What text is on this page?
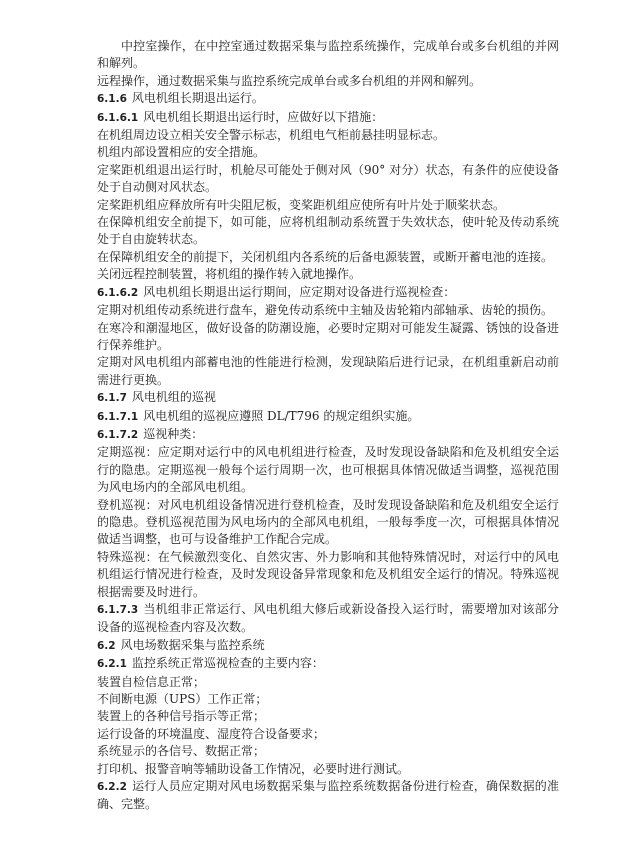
中控室操作，在中控室通过数据采集与监控系统操作，完成单台或多台机组的并网和解列。

远程操作，通过数据采集与监控系统完成单台或多台机组的并网和解列。

6.1.6 风电机组长期退出运行。

6.1.6.1 风电机组长期退出运行时，应做好以下措施：

在机组周边设立相关安全警示标志，机组电气柜前悬挂明显标志。

机组内部设置相应的安全措施。

定桨距机组退出运行时，机舱尽可能处于侧对风（90° 对分）状态，有条件的应使设备处于自动侧对风状态。

定桨距机组应释放所有叶尖阻尼板，变桨距机组应使所有叶片处于顺桨状态。

在保障机组安全前提下，如可能，应将机组制动系统置于失效状态，使叶轮及传动系统处于自由旋转状态。

在保障机组安全的前提下，关闭机组内各系统的后备电源装置，或断开蓄电池的连接。

关闭远程控制装置，将机组的操作转入就地操作。

6.1.6.2 风电机组长期退出运行期间，应定期对设备进行巡视检查：

定期对机组传动系统进行盘车，避免传动系统中主轴及齿轮箱内部轴承、齿轮的损伤。

在寒冷和潮湿地区，做好设备的防潮设施，必要时定期对可能发生凝露、锈蚀的设备进行保养维护。

定期对风电机组内部蓄电池的性能进行检测，发现缺陷后进行记录，在机组重新启动前需进行更换。

6.1.7 风电机组的巡视

6.1.7.1 风电机组的巡视应遵照 DL/T796 的规定组织实施。

6.1.7.2 巡视种类：

定期巡视：应定期对运行中的风电机组进行检查，及时发现设备缺陷和危及机组安全运行的隐患。定期巡视一般每个运行周期一次，也可根据具体情况做适当调整，巡视范围为风电场内的全部风电机组。

登机巡视：对风电机组设备情况进行登机检查，及时发现设备缺陷和危及机组安全运行的隐患。登机巡视范围为风电场内的全部风电机组，一般每季度一次，可根据具体情况做适当调整，也可与设备维护工作配合完成。

特殊巡视：在气候激烈变化、自然灾害、外力影响和其他特殊情况时，对运行中的风电机组运行情况进行检查，及时发现设备异常现象和危及机组安全运行的情况。特殊巡视根据需要及时进行。

6.1.7.3 当机组非正常运行、风电机组大修后或新设备投入运行时，需要增加对该部分设备的巡视检查内容及次数。

6.2 风电场数据采集与监控系统

6.2.1 监控系统正常巡视检查的主要内容：

装置自检信息正常；

不间断电源（UPS）工作正常；

装置上的各种信号指示等正常；

运行设备的环境温度、湿度符合设备要求；

系统显示的各信号、数据正常；

打印机、报警音响等辅助设备工作情况，必要时进行测试。

6.2.2 运行人员应定期对风电场数据采集与监控系统数据备份进行检查，确保数据的准确、完整。
